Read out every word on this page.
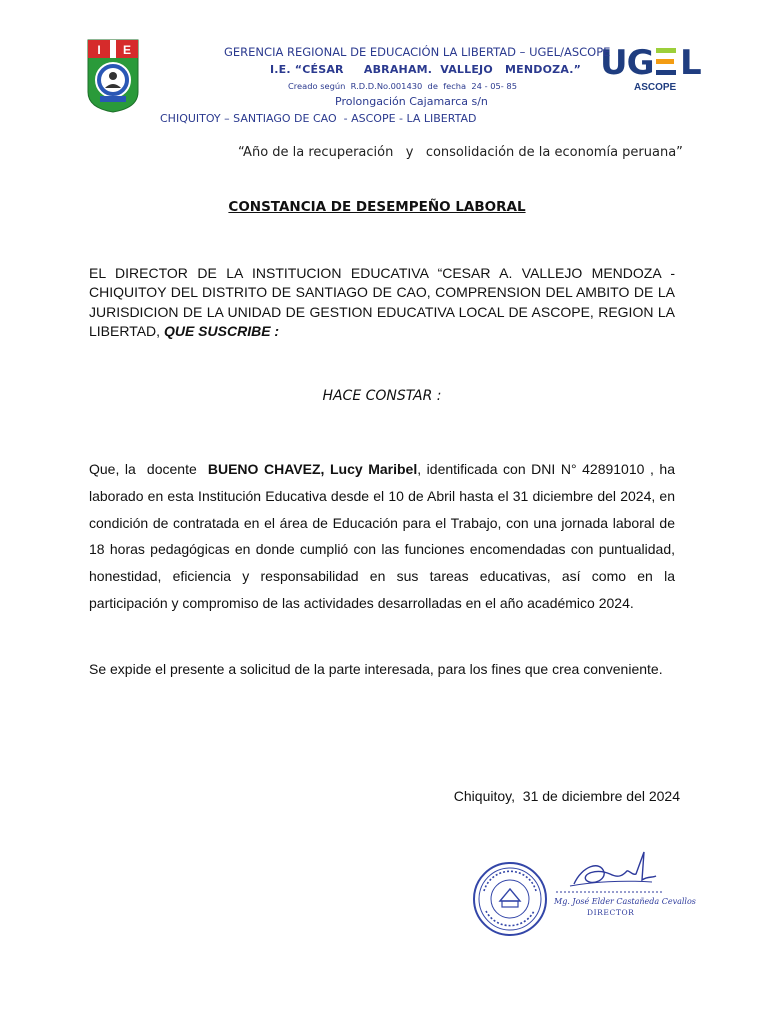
I E	UG L
ASCOPE
GERENCIA REGIONAL DE EDUCACIÓN LA LIBERTAD – UGEL/ASCOPE
I.E. “CÉSAR     ABRAHAM.  VALLEJO   MENDOZA.”
Creado según  R.D.D.No.001430  de  fecha  24 - 05- 85
Prolongación Cajamarca s/n
CHIQUITOY – SANTIAGO DE CAO  - ASCOPE - LA LIBERTAD
“Año de la recuperación   y   consolidación de la economía peruana”
CONSTANCIA DE DESEMPEÑO LABORAL
EL DIRECTOR DE LA INSTITUCION EDUCATIVA “CESAR A. VALLEJO MENDOZA - CHIQUITOY DEL DISTRITO DE SANTIAGO DE CAO, COMPRENSION DEL AMBITO DE LA JURISDICION DE LA UNIDAD DE GESTION EDUCATIVA LOCAL DE ASCOPE, REGION LA LIBERTAD, QUE SUSCRIBE :
HACE CONSTAR :
Que, la  docente  BUENO CHAVEZ, Lucy Maribel, identificada con DNI N° 42891010 , ha laborado en esta Institución Educativa desde el 10 de Abril hasta el 31 diciembre del 2024, en condición de contratada en el área de Educación para el Trabajo, con una jornada laboral de 18 horas pedagógicas en donde cumplió con las funciones encomendadas con puntualidad, honestidad, eficiencia y responsabilidad en sus tareas educativas, así como en la participación y compromiso de las actividades desarrolladas en el año académico 2024.
Se expide el presente a solicitud de la parte interesada, para los fines que crea conveniente.
Chiquitoy,  31 de diciembre del 2024
Mg. José Elder Castañeda Cevallos
DIRECTOR
